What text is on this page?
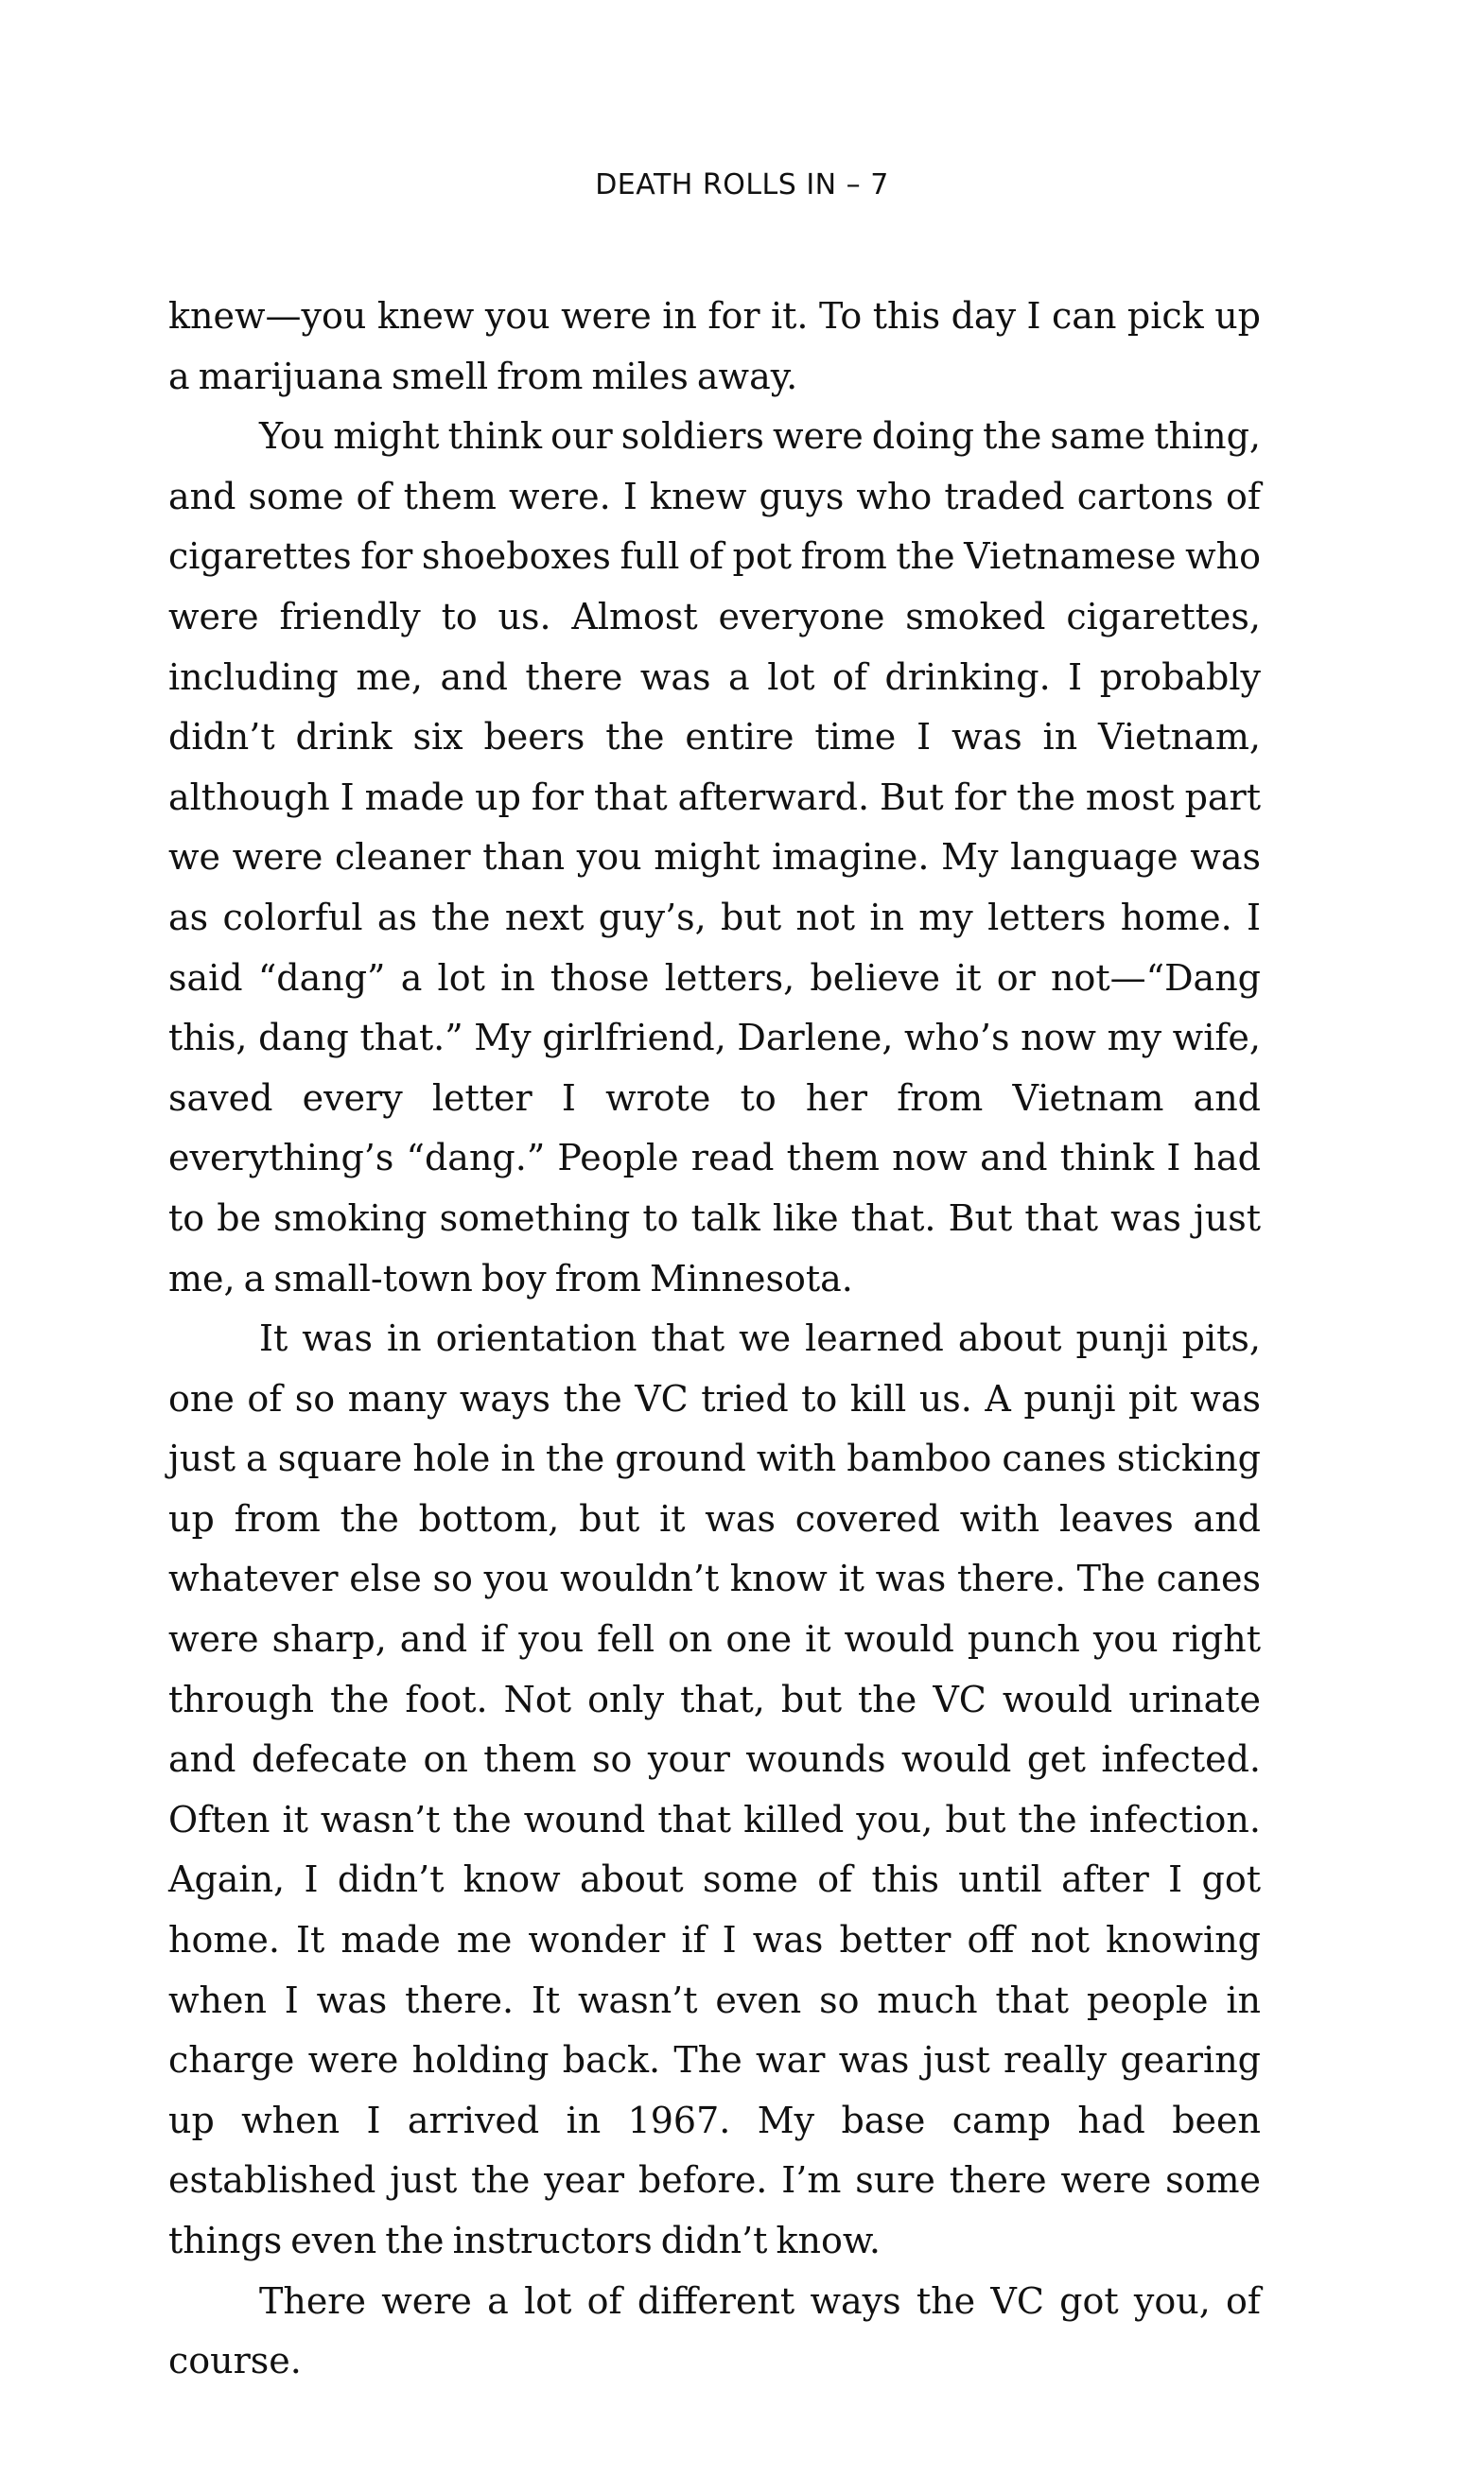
DEATH ROLLS IN – 7

knew—you knew you were in for it. To this day I can pick up a marijuana smell from miles away.

You might think our soldiers were doing the same thing, and some of them were. I knew guys who traded cartons of cigarettes for shoeboxes full of pot from the Vietnamese who were friendly to us. Almost everyone smoked cigarettes, including me, and there was a lot of drinking. I probably didn’t drink six beers the entire time I was in Vietnam, although I made up for that afterward. But for the most part we were cleaner than you might imagine. My language was as colorful as the next guy’s, but not in my letters home. I said “dang” a lot in those letters, believe it or not—“Dang this, dang that.” My girlfriend, Darlene, who’s now my wife, saved every letter I wrote to her from Vietnam and everything’s “dang.” People read them now and think I had to be smoking something to talk like that. But that was just me, a small-town boy from Minnesota.

It was in orientation that we learned about punji pits, one of so many ways the VC tried to kill us. A punji pit was just a square hole in the ground with bamboo canes sticking up from the bottom, but it was covered with leaves and whatever else so you wouldn’t know it was there. The canes were sharp, and if you fell on one it would punch you right through the foot. Not only that, but the VC would urinate and defecate on them so your wounds would get infected. Often it wasn’t the wound that killed you, but the infection. Again, I didn’t know about some of this until after I got home. It made me wonder if I was better off not knowing when I was there. It wasn’t even so much that people in charge were holding back. The war was just really gearing up when I arrived in 1967. My base camp had been established just the year before. I’m sure there were some things even the instructors didn’t know.

There were a lot of different ways the VC got you, of course.
